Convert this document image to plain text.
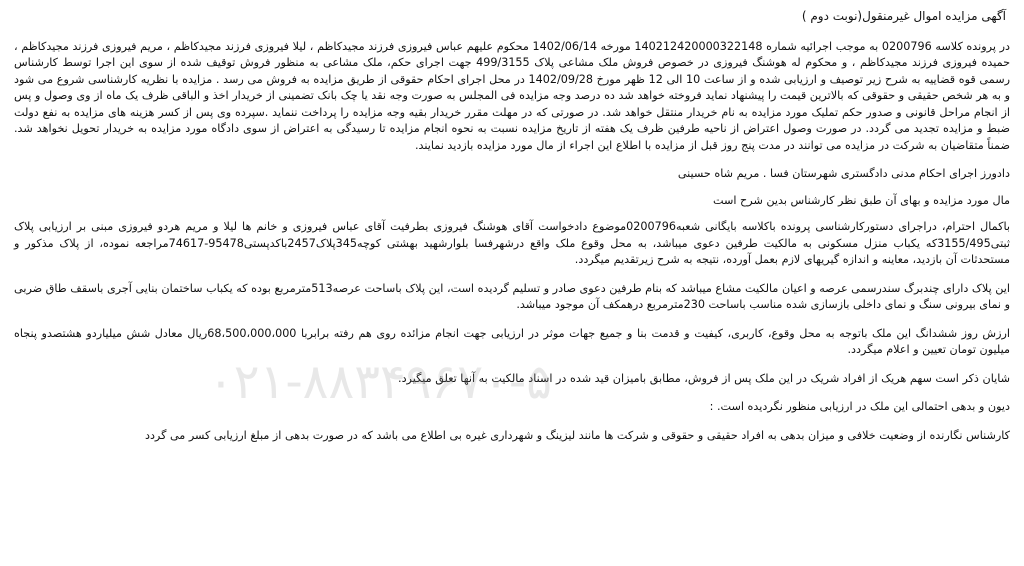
آگهی مزایده اموال غیرمنقول(نوبت دوم )
در پرونده کلاسه 0200796 به موجب اجرائیه شماره 140212420000322148 مورخه 1402/06/14 محکوم علیهم عباس فیروزی فرزند مجیدکاظم ، لیلا فیروزی فرزند مجیدکاظم ، مریم فیروزی فرزند مجیدکاظم ، حمیده فیروزی فرزند مجیدکاظم ، و محکوم له هوشنگ فیروزی در خصوص فروش ملک مشاعی پلاک 499/3155 جهت اجرای حکم، ملک مشاعی به منظور فروش توقیف شده از سوی این اجرا توسط کارشناس رسمی قوه قضاییه به شرح زیر توصیف و ارزیابی شده و از ساعت 10 الی 12 ظهر مورخ 1402/09/28 در محل اجرای احکام حقوقی از طریق مزایده به فروش می رسد . مزایده با نظریه کارشناسی شروع می شود و به هر شخص حقیقی و حقوقی که بالاترین قیمت را پیشنهاد نماید فروخته خواهد شد ده درصد وجه مزایده فی المجلس به صورت وجه نقد یا چک بانک تضمینی از خریدار اخذ و الباقی ظرف یک ماه از وی وصول و پس از انجام مراحل قانونی و صدور حکم تملیک مورد مزایده به نام خریدار منتقل خواهد شد. در صورتی که در مهلت مقرر خریدار بقیه وجه مزایده را پرداخت ننماید .سپرده وی پس از کسر هزینه های مزایده به نفع دولت ضبط و مزایده تجدید می گردد. در صورت وصول اعتراض از ناحیه طرفین ظرف یک هفته از تاریخ مزایده نسبت به نحوه انجام مزایده تا رسیدگی به اعتراض از سوی دادگاه مورد مزایده به خریدار تحویل نخواهد شد. ضمناً متقاضیان به شرکت در مزایده می توانند در مدت پنج روز قبل از مزایده با اطلاع این اجراء از مال مورد مزایده بازدید نمایند.
دادورز اجرای احکام مدنی دادگستری شهرستان فسا . مریم شاه حسینی
مال مورد مزایده و بهای آن طبق نظر کارشناس بدین شرح است
باکمال احترام، دراجرای دستورکارشناسی پرونده باکلاسه بایگانی شعبه0200796موضوع دادخواست آقای هوشنگ فیروزی بطرفیت آقای عباس فیروزی و خانم ها لیلا و مریم هردو فیروزی مبنی بر ارزیابی پلاک ثبتی3155/495که یکباب منزل مسکونی به مالکیت طرفین دعوی میباشد، به محل وقوع ملک واقع درشهرفسا بلوارشهید بهشتی کوچه345پلاک2457باکدپستی95478-74617مراجعه نموده، از پلاک مذکور و مستحدثات آن بازدید، معاینه و اندازه گیریهای لازم بعمل آورده، نتیجه به شرح زیرتقدیم میگردد.
این پلاک دارای چندبرگ سندرسمی عرصه و اعیان مالکیت مشاع میباشد که بنام طرفین دعوی صادر و تسلیم گردیده است، این پلاک باساحت عرصه513مترمربع بوده که یکباب ساختمان بنایی آجری باسقف طاق ضربی و نمای بیرونی سنگ و نمای داخلی بازسازی شده مناسب باساحت 230مترمربع درهمکف آن موجود میباشد.
ارزش روز ششدانگ این ملک باتوجه به محل وقوع، کاربری، کیفیت و قدمت بنا و جمیع جهات موثر در ارزیابی جهت انجام مزائده روی هم رفته برابربا 68،500،000،000ریال معادل شش میلیاردو هشتصدو پنجاه میلیون تومان تعیین و اعلام میگردد.
شایان ذکر است سهم هریک از افراد شریک در این ملک پس از فروش، مطابق بامیزان قید شده در اسناد مالکیت به آنها تعلق میگیرد.
دیون و بدهی احتمالی این ملک در ارزیابی منظور نگردیده است. :
کارشناس نگارنده از وضعیت خلافی و میزان بدهی به افراد حقیقی و حقوقی و شرکت ها مانند لیزینگ و شهرداری غیره بی اطلاع می باشد که در صورت بدهی از مبلغ ارزیابی کسر می گردد
۰۲۱-۸۸۳۴۹۶۷۰-۵
